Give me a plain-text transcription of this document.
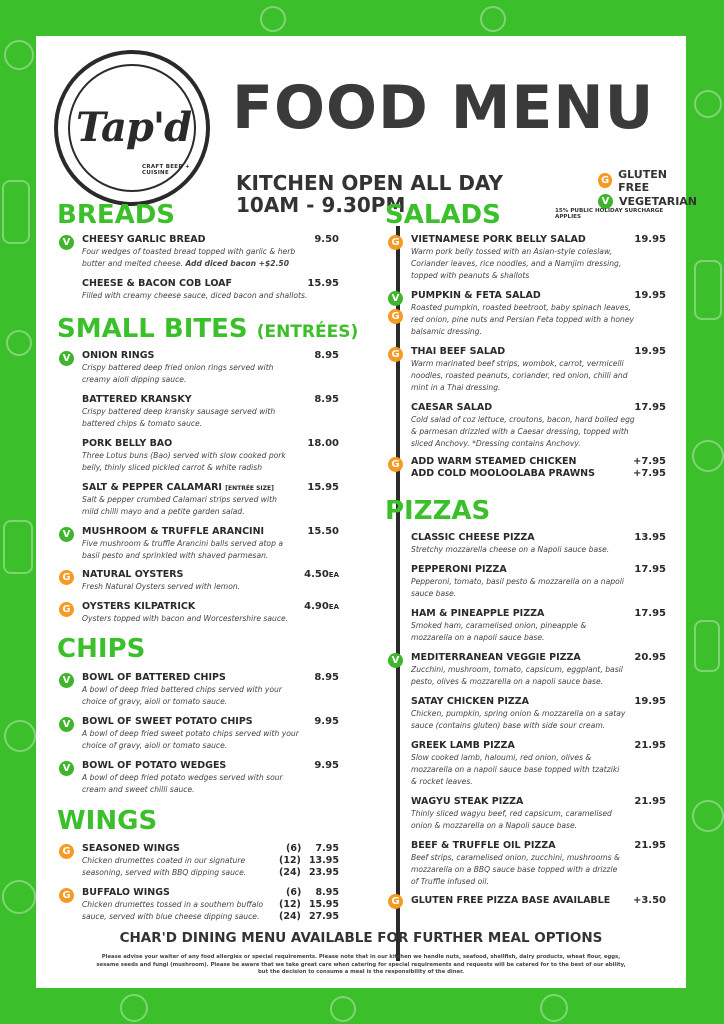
Tap'd
CRAFT BEER + CUISINE
FOOD MENU
KITCHEN OPEN ALL DAY
10AM - 9.30PM
G GLUTEN FREE
V VEGETARIAN
15% PUBLIC HOLIDAY SURCHARGE APPLIES
BREADS
V	CHEESY GARLIC BREAD	9.50
Four wedges of toasted bread topped with garlic & herb butter and melted cheese. Add diced bacon +$2.50
CHEESE & BACON COB LOAF	15.95
Filled with creamy cheese sauce, diced bacon and shallots.
SMALL BITES (ENTRÉES)
V	ONION RINGS	8.95
Crispy battered deep fried onion rings served with creamy aioli dipping sauce.
BATTERED KRANSKY	8.95
Crispy battered deep kransky sausage served with battered chips & tomato sauce.
PORK BELLY BAO	18.00
Three Lotus buns (Bao) served with slow cooked pork belly, thinly sliced pickled carrot & white radish
SALT & PEPPER CALAMARI [ENTRÉE SIZE]	15.95
Salt & pepper crumbed Calamari strips served with mild chilli mayo and a petite garden salad.
V	MUSHROOM & TRUFFLE ARANCINI	15.50
Five mushroom & truffle Arancini balls served atop a basil pesto and sprinkled with shaved parmesan.
G	NATURAL OYSTERS	4.50EA
Fresh Natural Oysters served with lemon.
G	OYSTERS KILPATRICK	4.90EA
Oysters topped with bacon and Worcestershire sauce.
CHIPS
V	BOWL OF BATTERED CHIPS	8.95
A bowl of deep fried battered chips served with your choice of gravy, aioli or tomato sauce.
V	BOWL OF SWEET POTATO CHIPS	9.95
A bowl of deep fried sweet potato chips served with your choice of gravy, aioli or tomato sauce.
V	BOWL OF POTATO WEDGES	9.95
A bowl of deep fried potato wedges served with sour cream and sweet chilli sauce.
WINGS
G	SEASONED WINGS
Chicken drumettes coated in our signature seasoning, served with BBQ dipping sauce.
(6) 7.95
(12) 13.95
(24) 23.95
G	BUFFALO WINGS
Chicken drumettes tossed in a southern buffalo sauce, served with blue cheese dipping sauce.
(6) 8.95
(12) 15.95
(24) 27.95
SALADS
G	VIETNAMESE PORK BELLY SALAD	19.95
Warm pork belly tossed with an Asian-style coleslaw, Coriander leaves, rice noodles, and a Namjim dressing, topped with peanuts & shallots
V
G
PUMPKIN & FETA SALAD	19.95
Roasted pumpkin, roasted beetroot, baby spinach leaves, red onion, pine nuts and Persian Feta topped with a honey balsamic dressing.
G	THAI BEEF SALAD	19.95
Warm marinated beef strips, wombok, carrot, vermicelli noodles, roasted peanuts, coriander, red onion, chilli and mint in a Thai dressing.
CAESAR SALAD	17.95
Cold salad of coz lettuce, croutons, bacon, hard boiled egg & parmesan drizzled with a Caesar dressing, topped with sliced Anchovy. *Dressing contains Anchovy.
G	ADD WARM STEAMED CHICKEN	+7.95
ADD COLD MOOLOOLABA PRAWNS	+7.95
PIZZAS
CLASSIC CHEESE PIZZA	13.95
Stretchy mozzarella cheese on a Napoli sauce base.
PEPPERONI PIZZA	17.95
Pepperoni, tomato, basil pesto & mozzarella on a napoli sauce base.
HAM & PINEAPPLE PIZZA	17.95
Smoked ham, caramelised onion, pineapple & mozzarella on a napoli sauce base.
V	MEDITERRANEAN VEGGIE PIZZA	20.95
Zucchini, mushroom, tomato, capsicum, eggplant, basil pesto, olives & mozzarella on a napoli sauce base.
SATAY CHICKEN PIZZA	19.95
Chicken, pumpkin, spring onion & mozzarella on a satay sauce (contains gluten) base with side sour cream.
GREEK LAMB PIZZA	21.95
Slow cooked lamb, haloumi, red onion, olives & mozzarella on a napoli sauce base topped with tzatziki & rocket leaves.
WAGYU STEAK PIZZA	21.95
Thinly sliced wagyu beef, red capsicum, caramelised onion & mozzarella on a Napoli sauce base.
BEEF & TRUFFLE OIL PIZZA	21.95
Beef strips, caramelised onion, zucchini, mushrooms & mozzarella on a BBQ sauce base topped with a drizzle of Truffle infused oil.
G	GLUTEN FREE PIZZA BASE AVAILABLE +3.50
CHAR'D DINING MENU AVAILABLE FOR FURTHER MEAL OPTIONS
Please advise your waiter of any food allergies or special requirements. Please note that in our kitchen we handle nuts, seafood, shellfish, dairy products, wheat flour, eggs, sesame seeds and fungi (mushroom). Please be aware that we take great care when catering for special requirements and requests will be catered for to the best of our ability, but the decision to consume a meal is the responsibility of the diner.
